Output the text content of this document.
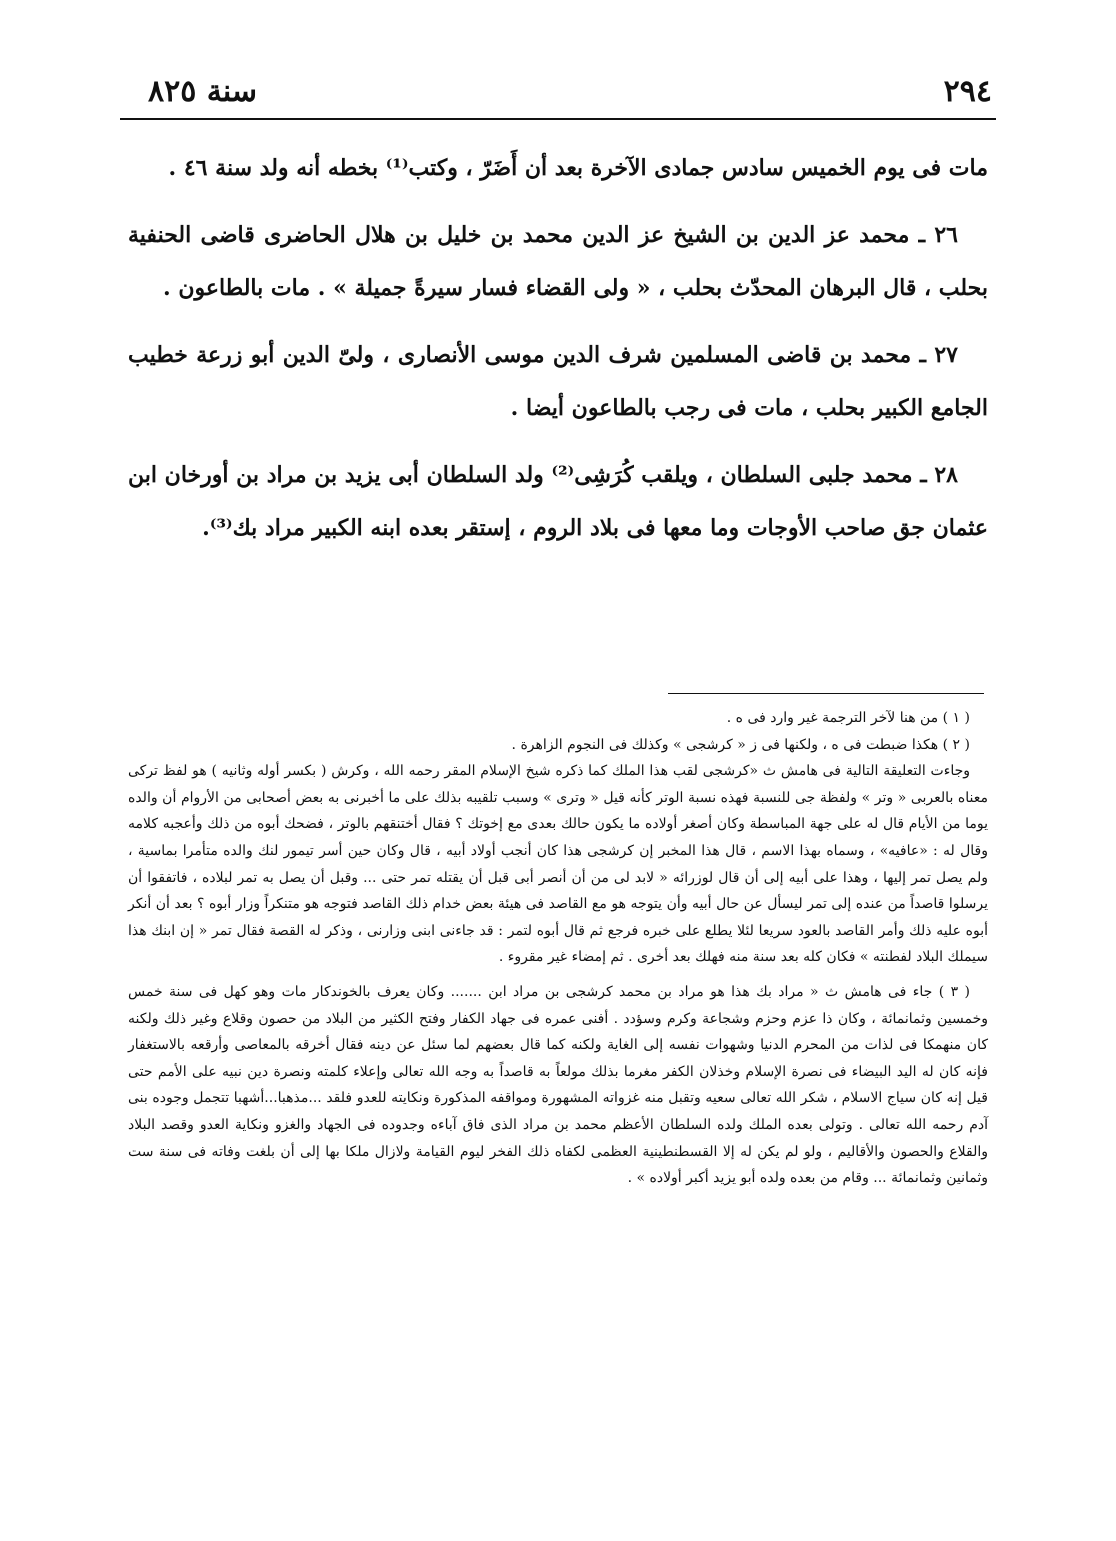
٢٩٤
سنة ٨٢٥

مات فى يوم الخميس سادس جمادى الآخرة بعد أن أَضَرّ ، وكتب⁽¹⁾ بخطه أنه ولد سنة ٤٦ .

٢٦ ـ محمد عز الدين بن الشيخ عز الدين محمد بن خليل بن هلال الحاضرى قاضى الحنفية بحلب ، قال البرهان المحدّث بحلب ، « ولى القضاء فسار سيرةً جميلة » . مات بالطاعون .

٢٧ ـ محمد بن قاضى المسلمين شرف الدين موسى الأنصارى ، ولىّ الدين أبو زرعة خطيب الجامع الكبير بحلب ، مات فى رجب بالطاعون أيضا .

٢٨ ـ محمد جلبى السلطان ، ويلقب كُرَشِى⁽²⁾ ولد السلطان أبى يزيد بن مراد بن أورخان ابن عثمان جق صاحب الأوجات وما معها فى بلاد الروم ، إستقر بعده ابنه الكبير مراد بك⁽³⁾.

( ١ ) من هنا لآخر الترجمة غير وارد فى ه .

( ٢ ) هكذا ضبطت فى ه ، ولكنها فى ز « كرشجى » وكذلك فى النجوم الزاهرة .

وجاءت التعليقة التالية فى هامش ث «كرشجى لقب هذا الملك كما ذكره شيخ الإسلام المقر رحمه الله ، وكرش ( بكسر أوله وثانيه ) هو لفظ تركى معناه بالعربى « وتر » ولفظة جى للنسبة فهذه نسبة الوتر كأنه قيل « وترى » وسبب تلقيبه بذلك على ما أخبرنى به بعض أصحابى من الأروام أن والده يوما من الأيام قال له على جهة المباسطة وكان أصغر أولاده ما يكون حالك بعدى مع إخوتك ؟ فقال أختنقهم بالوتر ، فضحك أبوه من ذلك وأعجبه كلامه وقال له : «عافيه» ، وسماه بهذا الاسم ، قال هذا المخبر إن كرشجى هذا كان أنجب أولاد أبيه ، قال وكان حين أسر تيمور لنك والده متأمرا بماسية ، ولم يصل تمر إليها ، وهذا على أبيه إلى أن قال لوزرائه « لابد لى من أن أنصر أبى قبل أن يقتله تمر حتى ... وقبل أن يصل به تمر لبلاده ، فاتفقوا أن يرسلوا قاصداً من عنده إلى تمر ليسأل عن حال أبيه وأن يتوجه هو مع القاصد فى هيئة بعض خدام ذلك القاصد فتوجه هو متنكراً وزار أبوه ؟ بعد أن أنكر أبوه عليه ذلك وأمر القاصد بالعود سريعا لئلا يطلع على خبره فرجع ثم قال أبوه لتمر : قد جاءنى ابنى وزارنى ، وذكر له القصة فقال تمر « إن ابنك هذا سيملك البلاد لفطنته » فكان كله بعد سنة منه فهلك بعد أخرى . ثم إمضاء غير مقروء .

( ٣ ) جاء فى هامش ث « مراد بك هذا هو مراد بن محمد كرشجى بن مراد ابن ....... وكان يعرف بالخوندكار مات وهو كهل فى سنة خمس وخمسين وثمانمائة ، وكان ذا عزم وحزم وشجاعة وكرم وسؤدد . أفنى عمره فى جهاد الكفار وفتح الكثير من البلاد من حصون وقلاع وغير ذلك ولكنه كان منهمكا فى لذات من المحرم الدنيا وشهوات نفسه إلى الغاية ولكنه كما قال بعضهم لما سئل عن دينه فقال أخرقه بالمعاصى وأرقعه بالاستغفار فإنه كان له اليد البيضاء فى نصرة الإسلام وخذلان الكفر مغرما بذلك مولعاً به قاصداً به وجه الله تعالى وإعلاء كلمته ونصرة دين نبيه على الأمم حتى قيل إنه كان سياج الاسلام ، شكر الله تعالى سعيه وتقبل منه غزواته المشهورة ومواقفه المذكورة ونكايته للعدو فلقد ...مذهبا...أشهبا تتجمل وجوده بنى آدم رحمه الله تعالى . وتولى بعده الملك ولده السلطان الأعظم محمد بن مراد الذى فاق آباءه وجدوده فى الجهاد والغزو ونكاية العدو وقصد البلاد والقلاع والحصون والأقاليم ، ولو لم يكن له إلا القسطنطينية العظمى لكفاه ذلك الفخر ليوم القيامة ولازال ملكا بها إلى أن بلغت وفاته فى سنة ست وثمانين وثمانمائة ... وقام من بعده ولده أبو يزيد أكبر أولاده » .
